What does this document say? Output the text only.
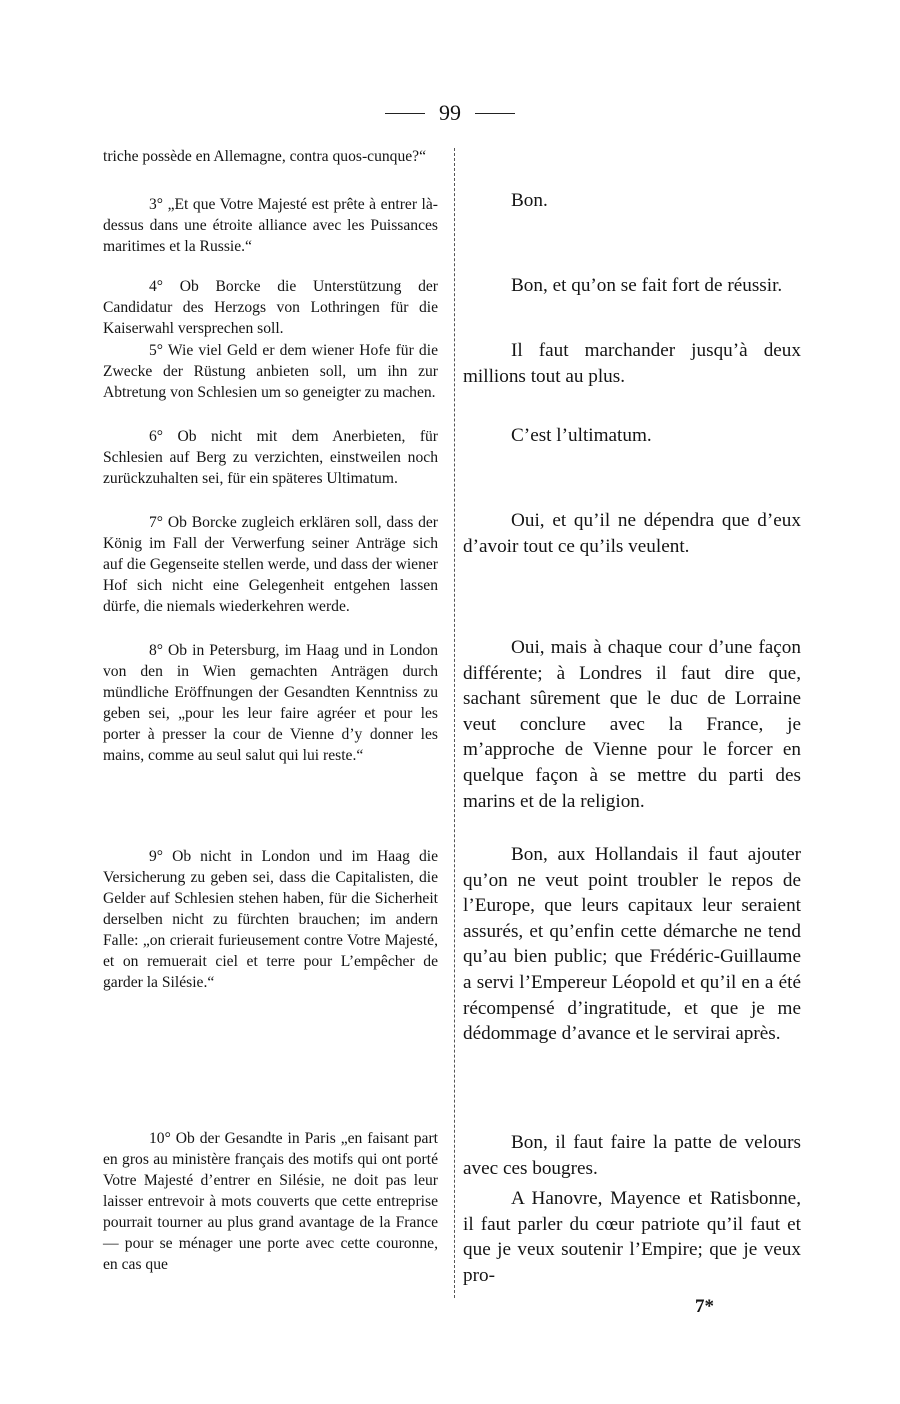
99

triche possède en Allemagne, contra quos-cunque?“

3° „Et que Votre Majesté est prête à entrer là-dessus dans une étroite alliance avec les Puissances maritimes et la Russie.“

4° Ob Borcke die Unterstützung der Candidatur des Herzogs von Lothringen für die Kaiserwahl versprechen soll.

5° Wie viel Geld er dem wiener Hofe für die Zwecke der Rüstung anbieten soll, um ihn zur Abtretung von Schlesien um so geneigter zu machen.

6° Ob nicht mit dem Anerbieten, für Schlesien auf Berg zu verzichten, einstweilen noch zurückzuhalten sei, für ein späteres Ultimatum.

7° Ob Borcke zugleich erklären soll, dass der König im Fall der Verwerfung seiner Anträge sich auf die Gegenseite stellen werde, und dass der wiener Hof sich nicht eine Gelegenheit entgehen lassen dürfe, die niemals wiederkehren werde.

8° Ob in Petersburg, im Haag und in London von den in Wien gemachten Anträgen durch mündliche Eröffnungen der Gesandten Kenntniss zu geben sei, „pour les leur faire agréer et pour les porter à presser la cour de Vienne d’y donner les mains, comme au seul salut qui lui reste.“

9° Ob nicht in London und im Haag die Versicherung zu geben sei, dass die Capitalisten, die Gelder auf Schlesien stehen haben, für die Sicherheit derselben nicht zu fürchten brauchen; im andern Falle: „on crierait furieusement contre Votre Majesté, et on remuerait ciel et terre pour L’empêcher de garder la Silésie.“

10° Ob der Gesandte in Paris „en faisant part en gros au ministère français des motifs qui ont porté Votre Majesté d’entrer en Silésie, ne doit pas leur laisser entrevoir à mots couverts que cette entreprise pourrait tourner au plus grand avantage de la France — pour se ménager une porte avec cette couronne, en cas que

Bon.

Bon, et qu’on se fait fort de réussir.

Il faut marchander jusqu’à deux millions tout au plus.

C’est l’ultimatum.

Oui, et qu’il ne dépendra que d’eux d’avoir tout ce qu’ils veulent.

Oui, mais à chaque cour d’une façon différente; à Londres il faut dire que, sachant sûrement que le duc de Lorraine veut conclure avec la France, je m’approche de Vienne pour le forcer en quelque façon à se mettre du parti des marins et de la religion.

Bon, aux Hollandais il faut ajouter qu’on ne veut point troubler le repos de l’Europe, que leurs capitaux leur seraient assurés, et qu’enfin cette démarche ne tend qu’au bien public; que Frédéric-Guillaume a servi l’Empereur Léopold et qu’il en a été récompensé d’ingratitude, et que je me dédommage d’avance et le servirai après.

Bon, il faut faire la patte de velours avec ces bougres.

A Hanovre, Mayence et Ratisbonne, il faut parler du cœur patriote qu’il faut et que je veux soutenir l’Empire; que je veux pro-

7*
